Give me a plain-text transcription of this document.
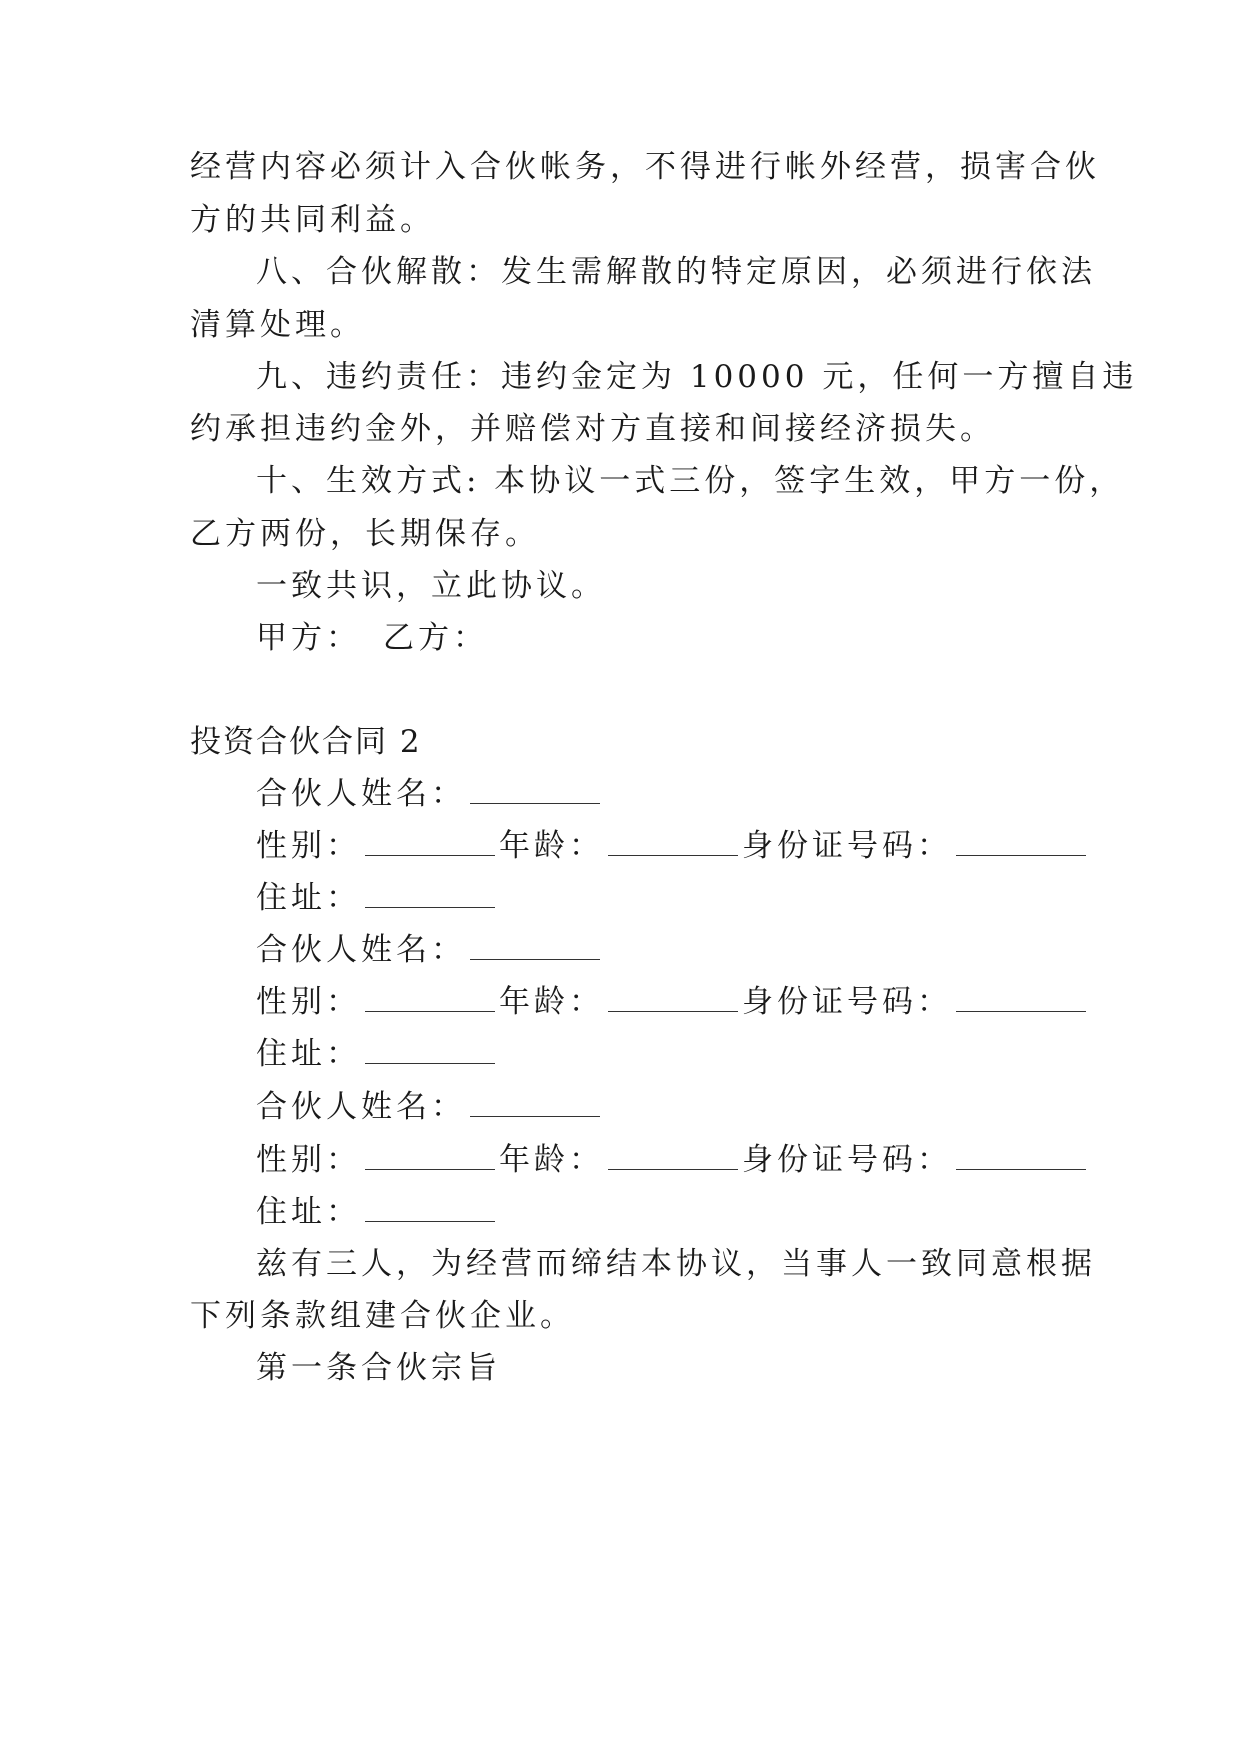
经营内容必须计入合伙帐务，不得进行帐外经营，损害合伙
方的共同利益。
八、合伙解散：发生需解散的特定原因，必须进行依法
清算处理。
九、违约责任：违约金定为 10000 元，任何一方擅自违
约承担违约金外，并赔偿对方直接和间接经济损失。
十、生效方式: 本协议一式三份，签字生效，甲方一份，
乙方两份，长期保存。
一致共识，立此协议。
甲方： 乙方：
投资合伙合同 2
合伙人姓名：
性别：	年龄：	身份证号码：
住址：
合伙人姓名：
性别：	年龄：	身份证号码：
住址：
合伙人姓名：
性别：	年龄：	身份证号码：
住址：
兹有三人，为经营而缔结本协议，当事人一致同意根据
下列条款组建合伙企业。
第一条合伙宗旨
